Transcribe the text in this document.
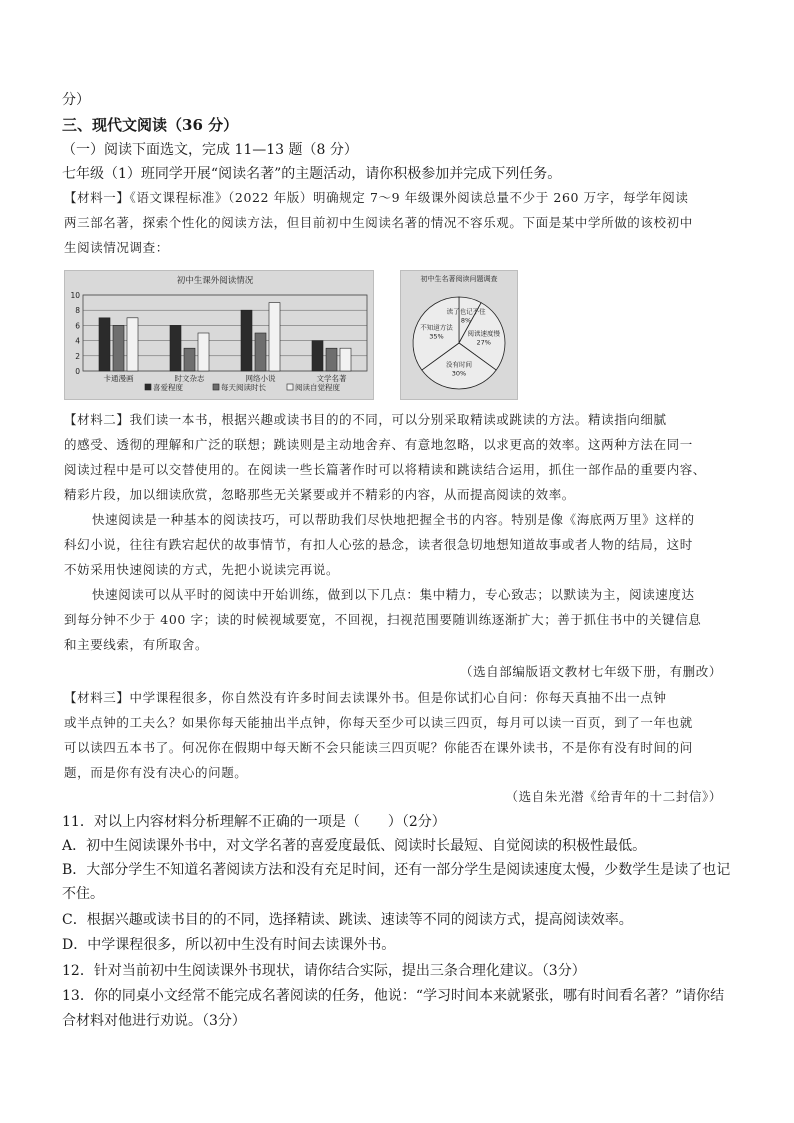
分）
三、现代文阅读（36 分）
（一）阅读下面选文，完成 11—13 题（8 分）
七年级（1）班同学开展“阅读名著”的主题活动，请你积极参加并完成下列任务。
【材料一】《语文课程标准》（2022 年版）明确规定 7～9 年级课外阅读总量不少于 260 万字，每学年阅读
两三部名著，探索个性化的阅读方法，但目前初中生阅读名著的情况不容乐观。下面是某中学所做的该校初中
生阅读情况调查：
初中生课外阅读情况
10
8
6
4
2
0
卡通漫画	时文杂志	网络小说	文学名著
喜爱程度	每天阅读时长	阅读自觉程度
初中生名著阅读问题调查
读了也记不住
8%
阅读速度慢
27%
没有时间
30%
不知道方法
35%
【材料二】我们读一本书，根据兴趣或读书目的的不同，可以分别采取精读或跳读的方法。精读指向细腻
的感受、透彻的理解和广泛的联想；跳读则是主动地舍弃、有意地忽略，以求更高的效率。这两种方法在同一
阅读过程中是可以交替使用的。在阅读一些长篇著作时可以将精读和跳读结合运用，抓住一部作品的重要内容、
精彩片段，加以细读欣赏，忽略那些无关紧要或并不精彩的内容，从而提高阅读的效率。
快速阅读是一种基本的阅读技巧，可以帮助我们尽快地把握全书的内容。特别是像《海底两万里》这样的
科幻小说，往往有跌宕起伏的故事情节，有扣人心弦的悬念，读者很急切地想知道故事或者人物的结局，这时
不妨采用快速阅读的方式，先把小说读完再说。
快速阅读可以从平时的阅读中开始训练，做到以下几点：集中精力，专心致志；以默读为主，阅读速度达
到每分钟不少于 400 字；读的时候视域要宽，不回视，扫视范围要随训练逐渐扩大；善于抓住书中的关键信息
和主要线索，有所取舍。
（选自部编版语文教材七年级下册，有删改）
【材料三】中学课程很多，你自然没有许多时间去读课外书。但是你试扪心自问：你每天真抽不出一点钟
或半点钟的工夫么？如果你每天能抽出半点钟，你每天至少可以读三四页，每月可以读一百页，到了一年也就
可以读四五本书了。何况你在假期中每天断不会只能读三四页呢？你能否在课外读书，不是你有没有时间的问
题，而是你有没有决心的问题。
（选自朱光潜《给青年的十二封信》）
11．对以上内容材料分析理解不正确的一项是（　　）（2分）
A．初中生阅读课外书中，对文学名著的喜爱度最低、阅读时长最短、自觉阅读的积极性最低。
B．大部分学生不知道名著阅读方法和没有充足时间，还有一部分学生是阅读速度太慢，少数学生是读了也记
不住。
C．根据兴趣或读书目的的不同，选择精读、跳读、速读等不同的阅读方式，提高阅读效率。
D．中学课程很多，所以初中生没有时间去读课外书。
12．针对当前初中生阅读课外书现状，请你结合实际，提出三条合理化建议。（3分）
13．你的同桌小文经常不能完成名著阅读的任务，他说：“学习时间本来就紧张，哪有时间看名著？”请你结
合材料对他进行劝说。（3分）
